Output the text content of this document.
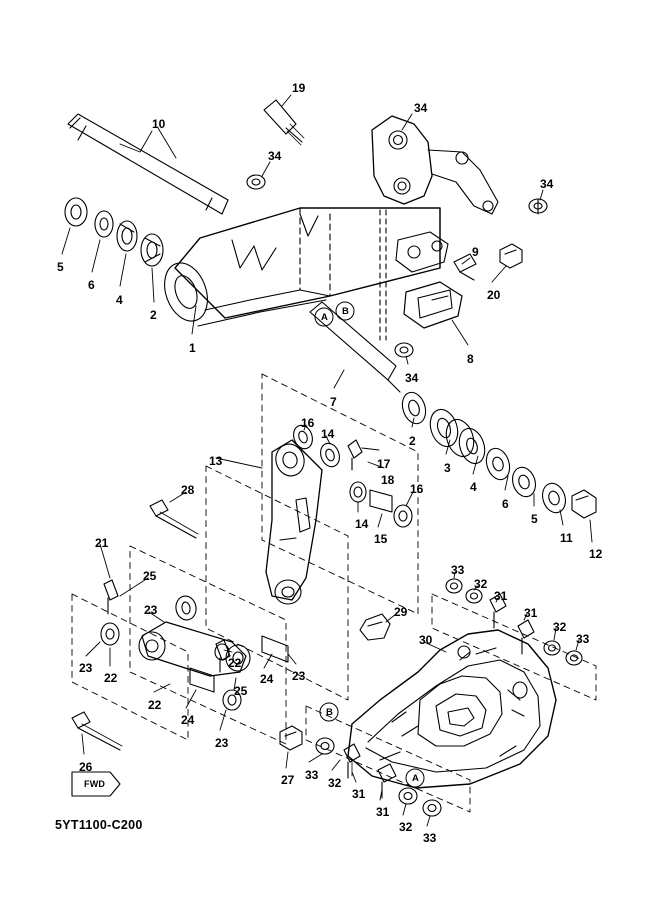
19
34
10
34
34
9
20
5
6
4
2
1
8
34
7
16
14	2
3
17
18
13
4
6
5
16
14
15	11
12
28
21
25
23
23
22
22
24
25
23
22
24 23
26
29
33
32
31
31
32
33
30
27 33
32
31
31
32
33
A
B
B
A
FWD
5YT1100-C200
